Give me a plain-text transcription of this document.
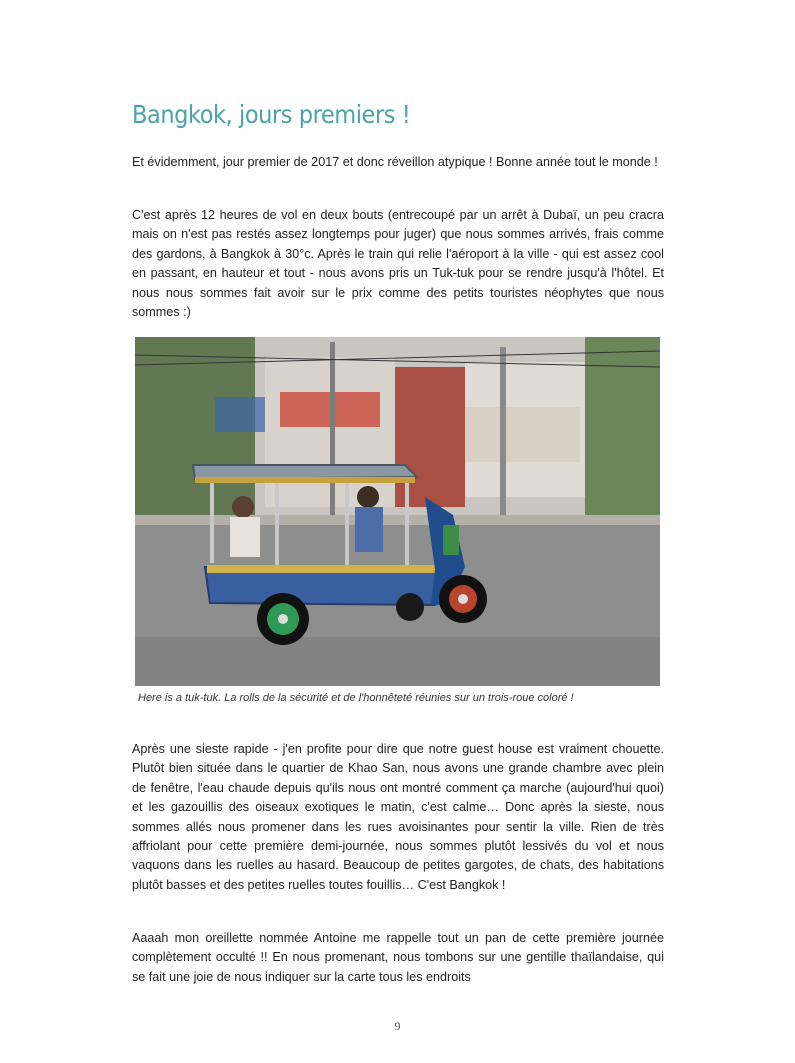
Bangkok, jours premiers !

Et évidemment, jour premier de 2017 et donc réveillon atypique ! Bonne année tout le monde !

C'est après 12 heures de vol en deux bouts (entrecoupé par un arrêt à Dubaï, un peu cracra mais on n'est pas restés assez longtemps pour juger) que nous sommes arrivés, frais comme des gardons, à Bangkok à 30°c. Après le train qui relie l'aéroport à la ville - qui est assez cool en passant, en hauteur et tout - nous avons pris un Tuk-tuk pour se rendre jusqu'à l'hôtel. Et nous nous sommes fait avoir sur le prix comme des petits touristes néophytes que nous sommes :)

Here is a tuk-tuk. La rolls de la sécurité et de l'honnêteté réunies sur un trois-roue coloré !

Après une sieste rapide - j'en profite pour dire que notre guest house est vraiment chouette. Plutôt bien située dans le quartier de Khao San, nous avons une grande chambre avec plein de fenêtre, l'eau chaude depuis qu'ils nous ont montré comment ça marche (aujourd'hui quoi) et les gazouillis des oiseaux exotiques le matin, c'est calme… Donc après la sieste, nous sommes allés nous promener dans les rues avoisinantes pour sentir la ville. Rien de très affriolant pour cette première demi-journée, nous sommes plutôt lessivés du vol et nous vaquons dans les ruelles au hasard. Beaucoup de petites gargotes, de chats, des habitations plutôt basses et des petites ruelles toutes fouillis… C'est Bangkok !

Aaaah mon oreillette nommée Antoine me rappelle tout un pan de cette première journée complètement occulté !! En nous promenant, nous tombons sur une gentille thaïlandaise, qui se fait une joie de nous indiquer sur la carte tous les endroits

9
